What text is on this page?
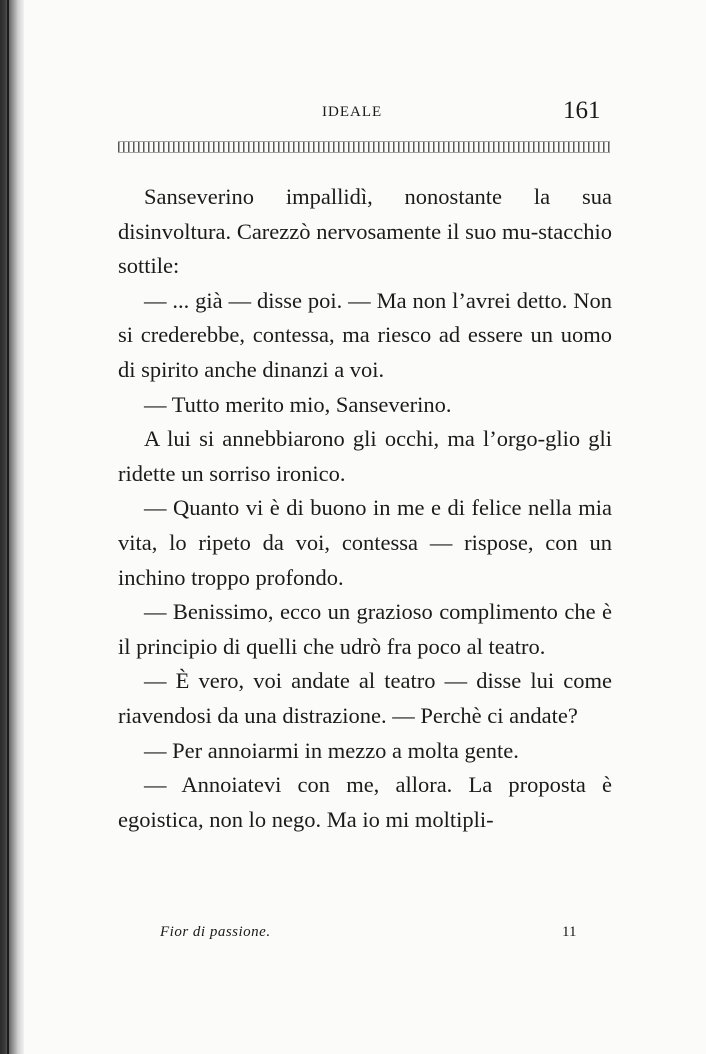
IDEALE	161

Sanseverino impallidì, nonostante la sua disinvoltura. Carezzò nervosamente il suo mu-stacchio sottile:

— ... già — disse poi. — Ma non l’avrei detto. Non si crederebbe, contessa, ma riesco ad essere un uomo di spirito anche dinanzi a voi.

— Tutto merito mio, Sanseverino.

A lui si annebbiarono gli occhi, ma l’orgo-glio gli ridette un sorriso ironico.

— Quanto vi è di buono in me e di felice nella mia vita, lo ripeto da voi, contessa — rispose, con un inchino troppo profondo.

— Benissimo, ecco un grazioso complimento che è il principio di quelli che udrò fra poco al teatro.

— È vero, voi andate al teatro — disse lui come riavendosi da una distrazione. — Perchè ci andate?

— Per annoiarmi in mezzo a molta gente.

— Annoiatevi con me, allora. La proposta è egoistica, non lo nego. Ma io mi moltipli-

Fior di passione.	11
